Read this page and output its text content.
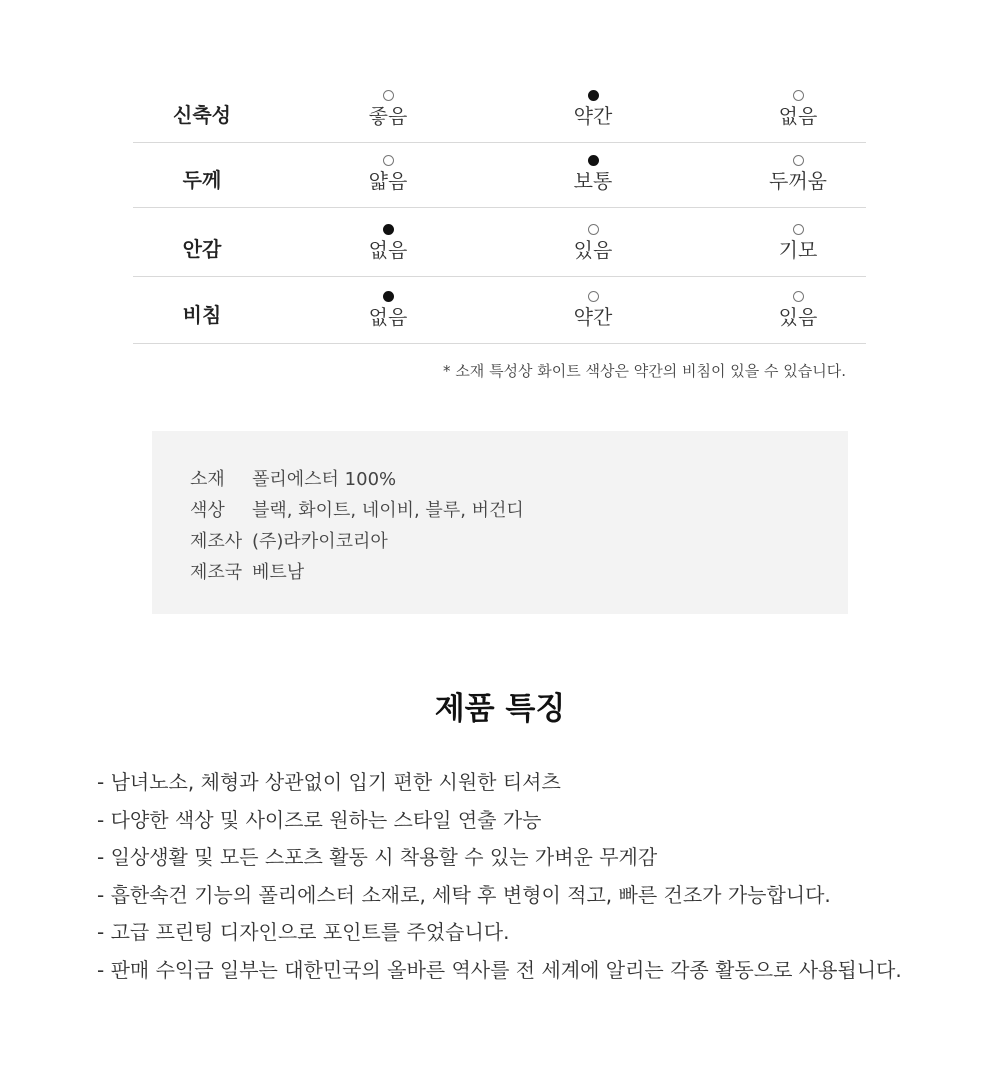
신축성	좋음	약간	없음
두께	얇음	보통	두꺼움
안감	없음	있음	기모
비침	없음	약간	있음
* 소재 특성상 화이트 색상은 약간의 비침이 있을 수 있습니다.
소재	폴리에스터 100%
색상	블랙, 화이트, 네이비, 블루, 버건디
제조사 (주)라카이코리아
제조국 베트남
제품 특징
- 남녀노소, 체형과 상관없이 입기 편한 시원한 티셔츠
- 다양한 색상 및 사이즈로 원하는 스타일 연출 가능
- 일상생활 및 모든 스포츠 활동 시 착용할 수 있는 가벼운 무게감
- 흡한속건 기능의 폴리에스터 소재로, 세탁 후 변형이 적고, 빠른 건조가 가능합니다.
- 고급 프린팅 디자인으로 포인트를 주었습니다.
- 판매 수익금 일부는 대한민국의 올바른 역사를 전 세계에 알리는 각종 활동으로 사용됩니다.
